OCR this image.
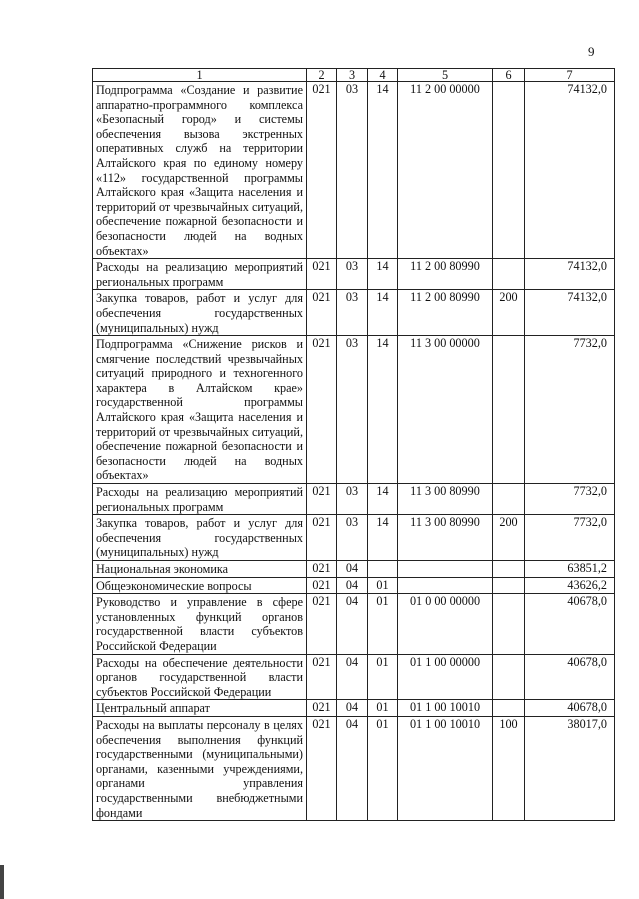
9
1	2	3	4	5	6	7
Подпрограмма «Создание и развитие аппаратно-программного комплекса «Безопасный город» и системы обеспечения вызова экстренных оперативных служб на территории Алтайского края по единому номеру «112» государственной программы Алтайского края «Защита населения и территорий от чрезвычайных ситуаций, обеспечение пожарной безопасности и безопасности людей на водных объектах»	021	03	14	11 2 00 00000		74132,0
Расходы на реализацию мероприятий региональных программ	021	03	14	11 2 00 80990		74132,0
Закупка товаров, работ и услуг для обеспечения государственных (муниципальных) нужд	021	03	14	11 2 00 80990	200	74132,0
Подпрограмма «Снижение рисков и смягчение последствий чрезвычайных ситуаций природного и техногенного характера в Алтайском крае» государственной программы Алтайского края «Защита населения и территорий от чрезвычайных ситуаций, обеспечение пожарной безопасности и безопасности людей на водных объектах»	021	03	14	11 3 00 00000		7732,0
Расходы на реализацию мероприятий региональных программ	021	03	14	11 3 00 80990		7732,0
Закупка товаров, работ и услуг для обеспечения государственных (муниципальных) нужд	021	03	14	11 3 00 80990	200	7732,0
Национальная экономика	021	04				63851,2
Общеэкономические вопросы	021	04	01			43626,2
Руководство и управление в сфере установленных функций органов государственной власти субъектов Российской Федерации	021	04	01	01 0 00 00000		40678,0
Расходы на обеспечение деятельности органов государственной власти субъектов Российской Федерации	021	04	01	01 1 00 00000		40678,0
Центральный аппарат	021	04	01	01 1 00 10010		40678,0
Расходы на выплаты персоналу в целях обеспечения выполнения функций государственными (муниципальными) органами, казенными учреждениями, органами управления государственными внебюджетными фондами	021	04	01	01 1 00 10010	100	38017,0
